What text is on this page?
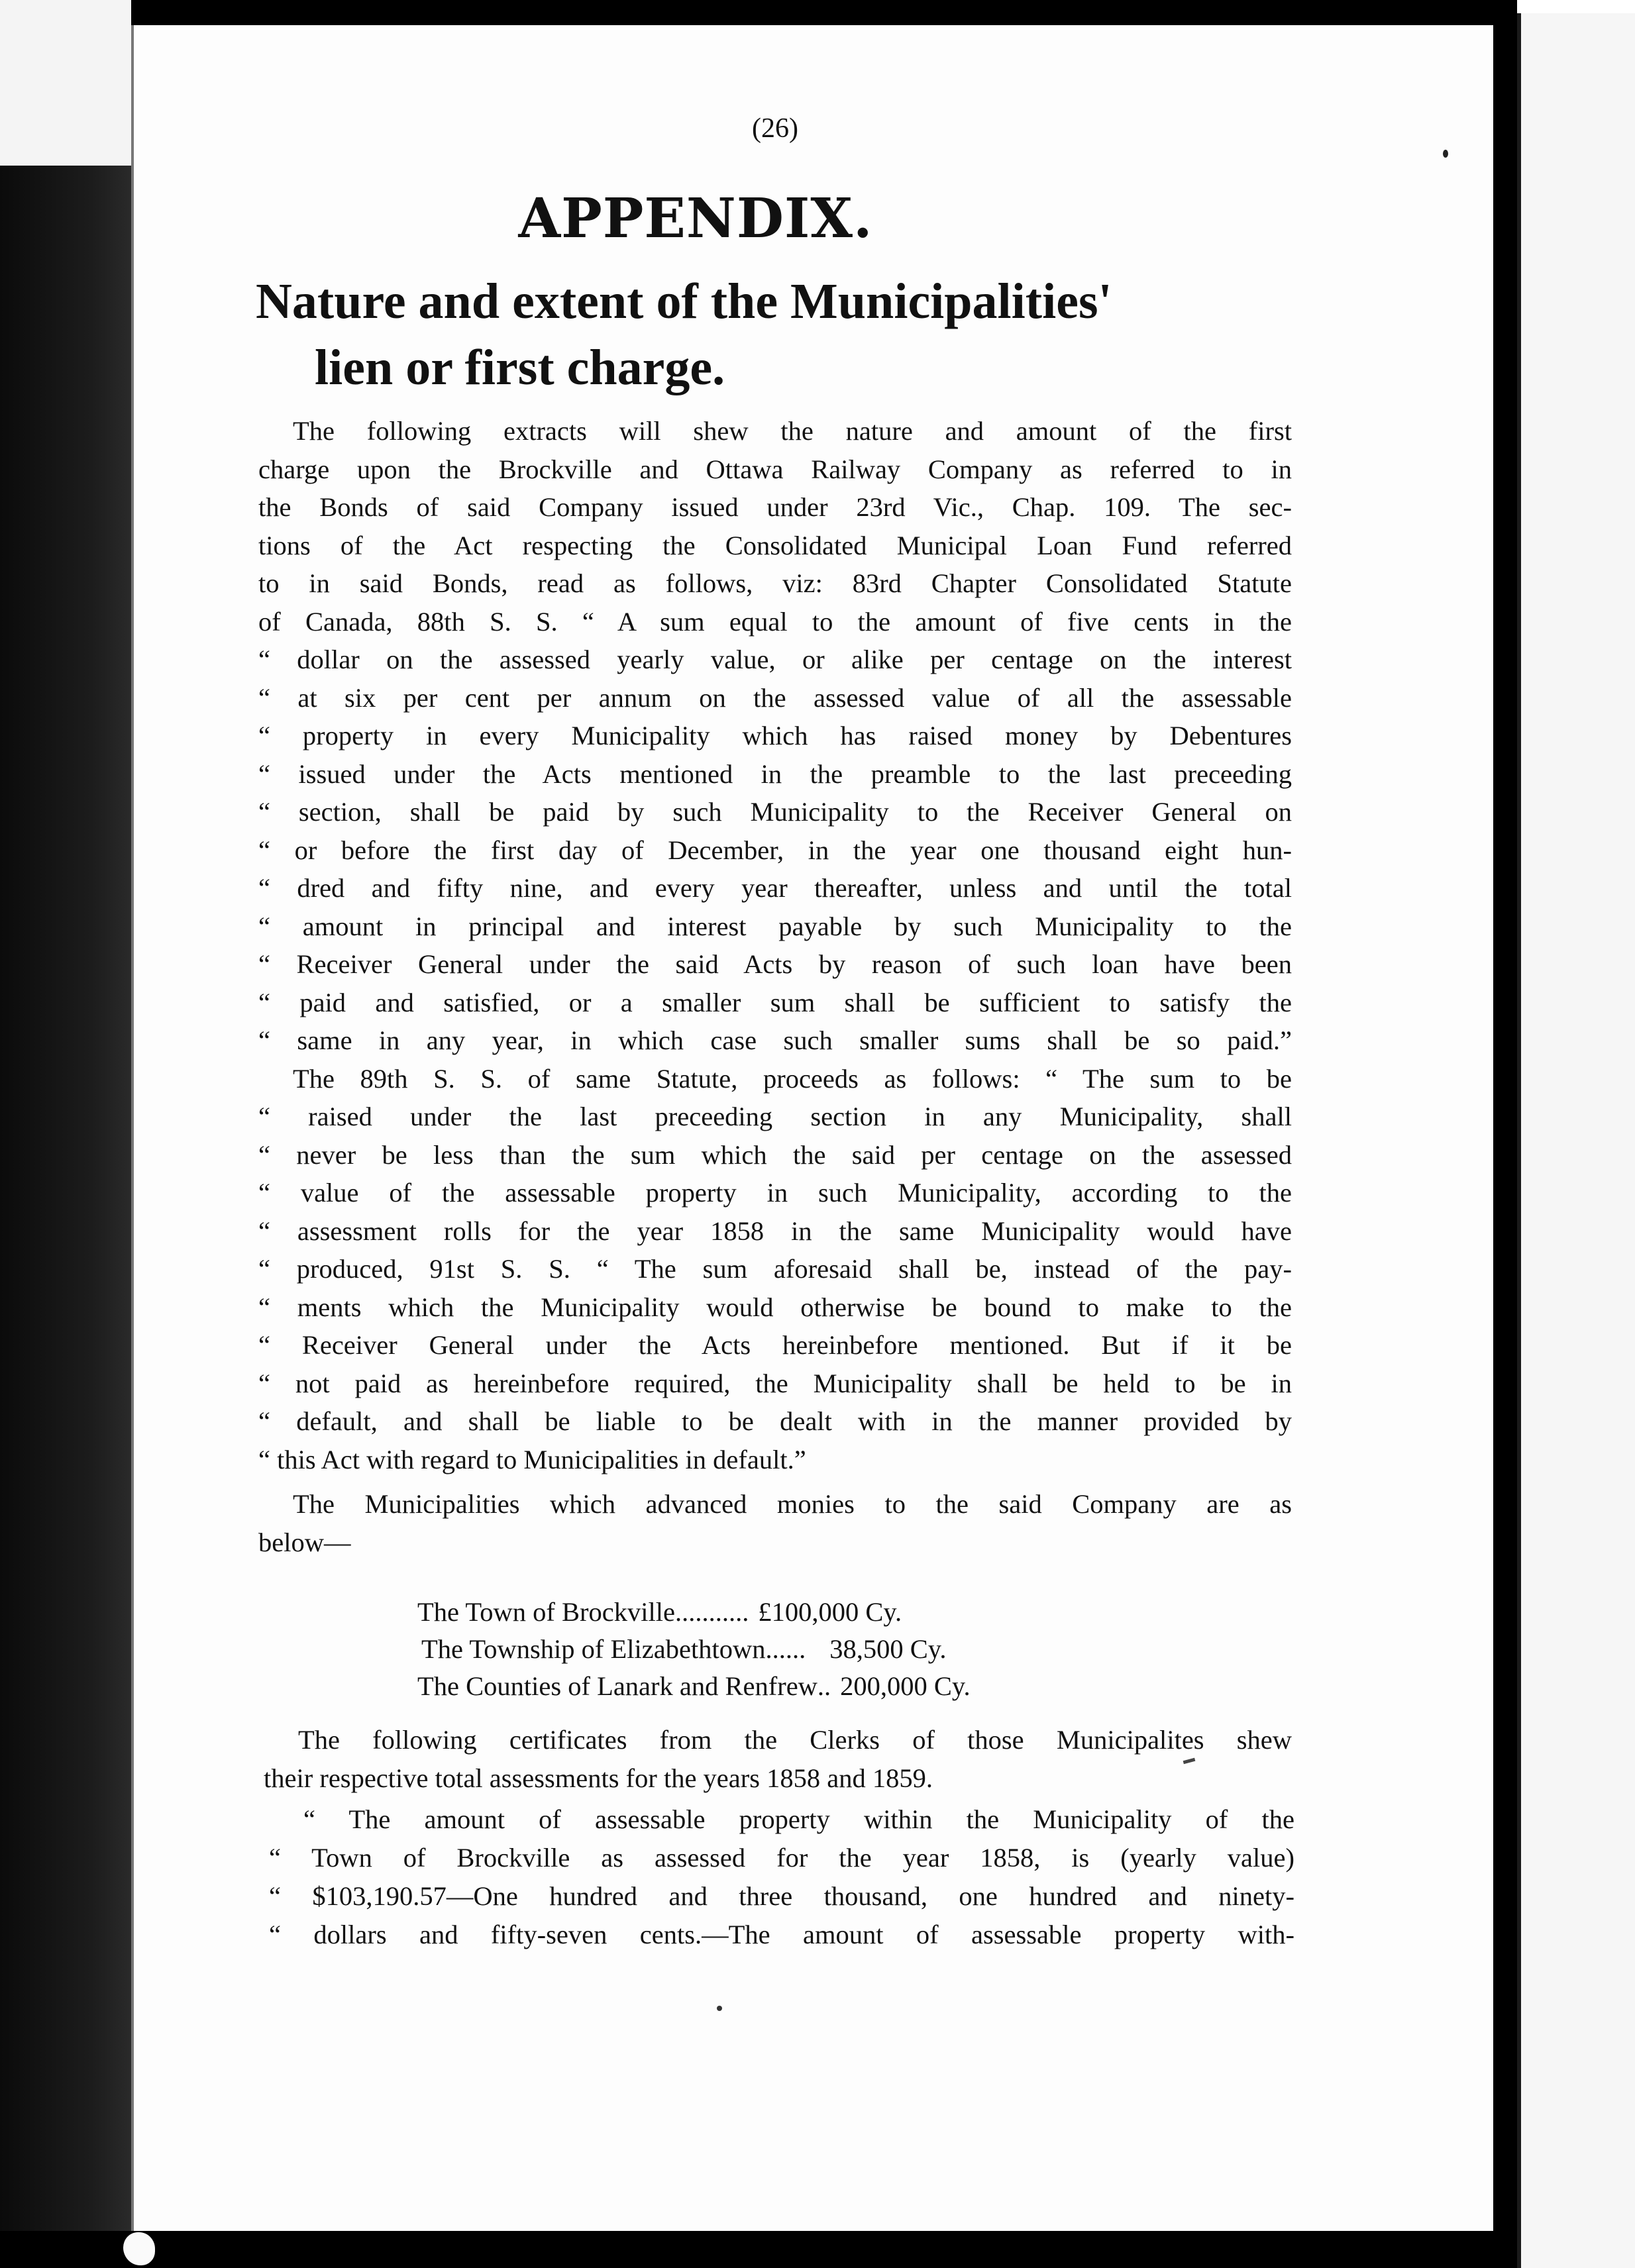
(26)
APPENDIX.
Nature and extent of the Municipalities'
lien or first charge.

The following extracts will shew the nature and amount of the first
charge upon the Brockville and Ottawa Railway Company as referred to in
the Bonds of said Company issued under 23rd Vic., Chap. 109. The sec-
tions of the Act respecting the Consolidated Municipal Loan Fund referred
to in said Bonds, read as follows, viz: 83rd Chapter Consolidated Statute
of Canada, 88th S. S. “ A sum equal to the amount of five cents in the
“ dollar on the assessed yearly value, or alike per centage on the interest
“ at six per cent per annum on the assessed value of all the assessable
“ property in every Municipality which has raised money by Debentures
“ issued under the Acts mentioned in the preamble to the last preceeding
“ section, shall be paid by such Municipality to the Receiver General on
“ or before the first day of December, in the year one thousand eight hun-
“ dred and fifty nine, and every year thereafter, unless and until the total
“ amount in principal and interest payable by such Municipality to the
“ Receiver General under the said Acts by reason of such loan have been
“ paid and satisfied, or a smaller sum shall be sufficient to satisfy the
“ same in any year, in which case such smaller sums shall be so paid.”
The 89th S. S. of same Statute, proceeds as follows: “ The sum to be
“ raised under the last preceeding section in any Municipality, shall
“ never be less than the sum which the said per centage on the assessed
“ value of the assessable property in such Municipality, according to the
“ assessment rolls for the year 1858 in the same Municipality would have
“ produced, 91st S. S. “ The sum aforesaid shall be, instead of the pay-
“ ments which the Municipality would otherwise be bound to make to the
“ Receiver General under the Acts hereinbefore mentioned. But if it be
“ not paid as hereinbefore required, the Municipality shall be held to be in
“ default, and shall be liable to be dealt with in the manner provided by
“ this Act with regard to Municipalities in default.”

The Municipalities which advanced monies to the said Company are as
below—

The Town of Brockville ........... £100,000 Cy.
The Township of Elizabethtown ...... 38,500 Cy.
The Counties of Lanark and Renfrew .. 200,000 Cy.
The following certificates from the Clerks of those Municipalites shew
their respective total assessments for the years 1858 and 1859.
“ The amount of assessable property within the Municipality of the
“ Town of Brockville as assessed for the year 1858, is (yearly value)
“ $103,190.57—One hundred and three thousand, one hundred and ninety-
“ dollars and fifty-seven cents.—The amount of assessable property with-
